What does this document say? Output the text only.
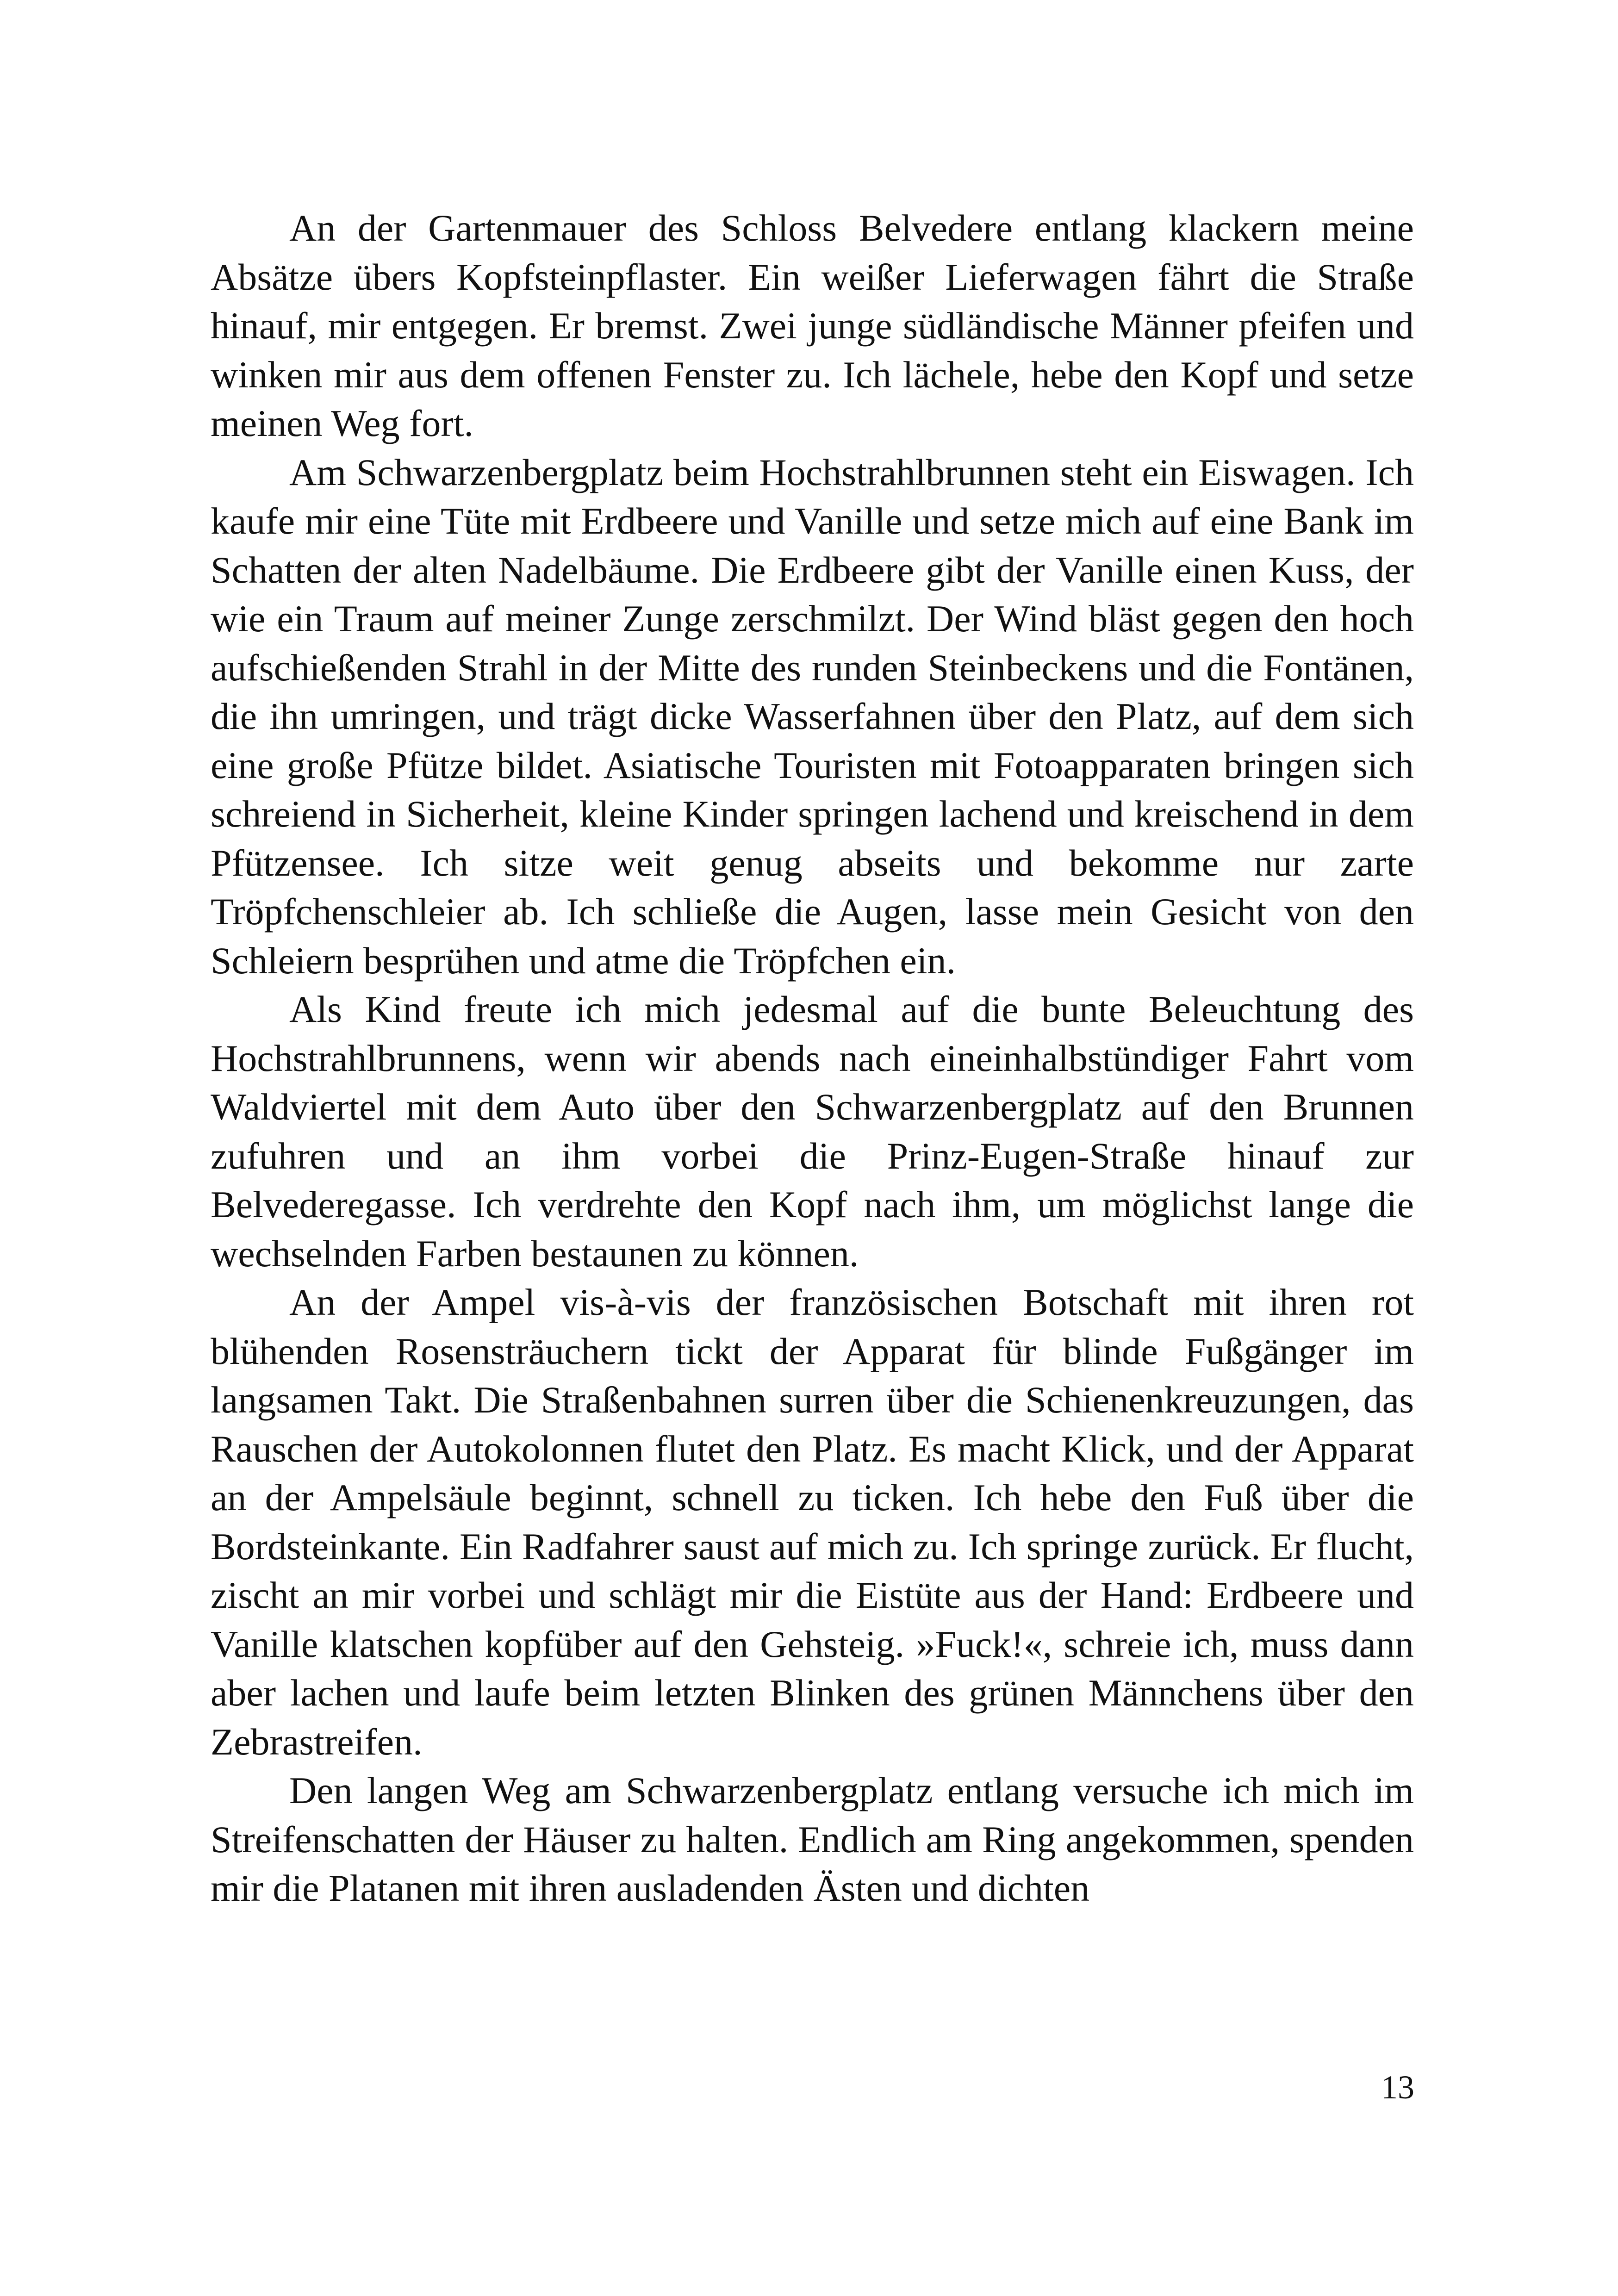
An der Gartenmauer des Schloss Belvedere entlang klackern meine Absätze übers Kopfsteinpflaster. Ein weißer Lieferwagen fährt die Straße hinauf, mir entgegen. Er bremst. Zwei junge südländische Männer pfeifen und winken mir aus dem offenen Fenster zu. Ich lächele, hebe den Kopf und setze meinen Weg fort.

Am Schwarzenbergplatz beim Hochstrahlbrunnen steht ein Eiswagen. Ich kaufe mir eine Tüte mit Erdbeere und Vanille und setze mich auf eine Bank im Schatten der alten Nadelbäume. Die Erdbeere gibt der Vanille einen Kuss, der wie ein Traum auf meiner Zunge zerschmilzt. Der Wind bläst gegen den hoch aufschießenden Strahl in der Mitte des runden Steinbeckens und die Fontänen, die ihn umringen, und trägt dicke Wasserfahnen über den Platz, auf dem sich eine große Pfütze bildet. Asiatische Touristen mit Fotoapparaten bringen sich schreiend in Sicherheit, kleine Kinder springen lachend und kreischend in dem Pfützensee. Ich sitze weit genug abseits und bekomme nur zarte Tröpfchenschleier ab. Ich schließe die Augen, lasse mein Gesicht von den Schleiern besprühen und atme die Tröpfchen ein.

Als Kind freute ich mich jedesmal auf die bunte Beleuchtung des Hochstrahlbrunnens, wenn wir abends nach eineinhalbstündiger Fahrt vom Waldviertel mit dem Auto über den Schwarzenbergplatz auf den Brunnen zufuhren und an ihm vorbei die Prinz-Eugen-Straße hinauf zur Belvederegasse. Ich verdrehte den Kopf nach ihm, um möglichst lange die wechselnden Farben bestaunen zu können.

An der Ampel vis-à-vis der französischen Botschaft mit ihren rot blühenden Rosensträuchern tickt der Apparat für blinde Fußgänger im langsamen Takt. Die Straßenbahnen surren über die Schienenkreuzungen, das Rauschen der Autokolonnen flutet den Platz. Es macht Klick, und der Apparat an der Ampelsäule beginnt, schnell zu ticken. Ich hebe den Fuß über die Bordsteinkante. Ein Radfahrer saust auf mich zu. Ich springe zurück. Er flucht, zischt an mir vorbei und schlägt mir die Eistüte aus der Hand: Erdbeere und Vanille klatschen kopfüber auf den Gehsteig. »Fuck!«, schreie ich, muss dann aber lachen und laufe beim letzten Blinken des grünen Männchens über den Zebrastreifen.

Den langen Weg am Schwarzenbergplatz entlang versuche ich mich im Streifenschatten der Häuser zu halten. Endlich am Ring angekommen, spenden mir die Platanen mit ihren ausladenden Ästen und dichten

13
